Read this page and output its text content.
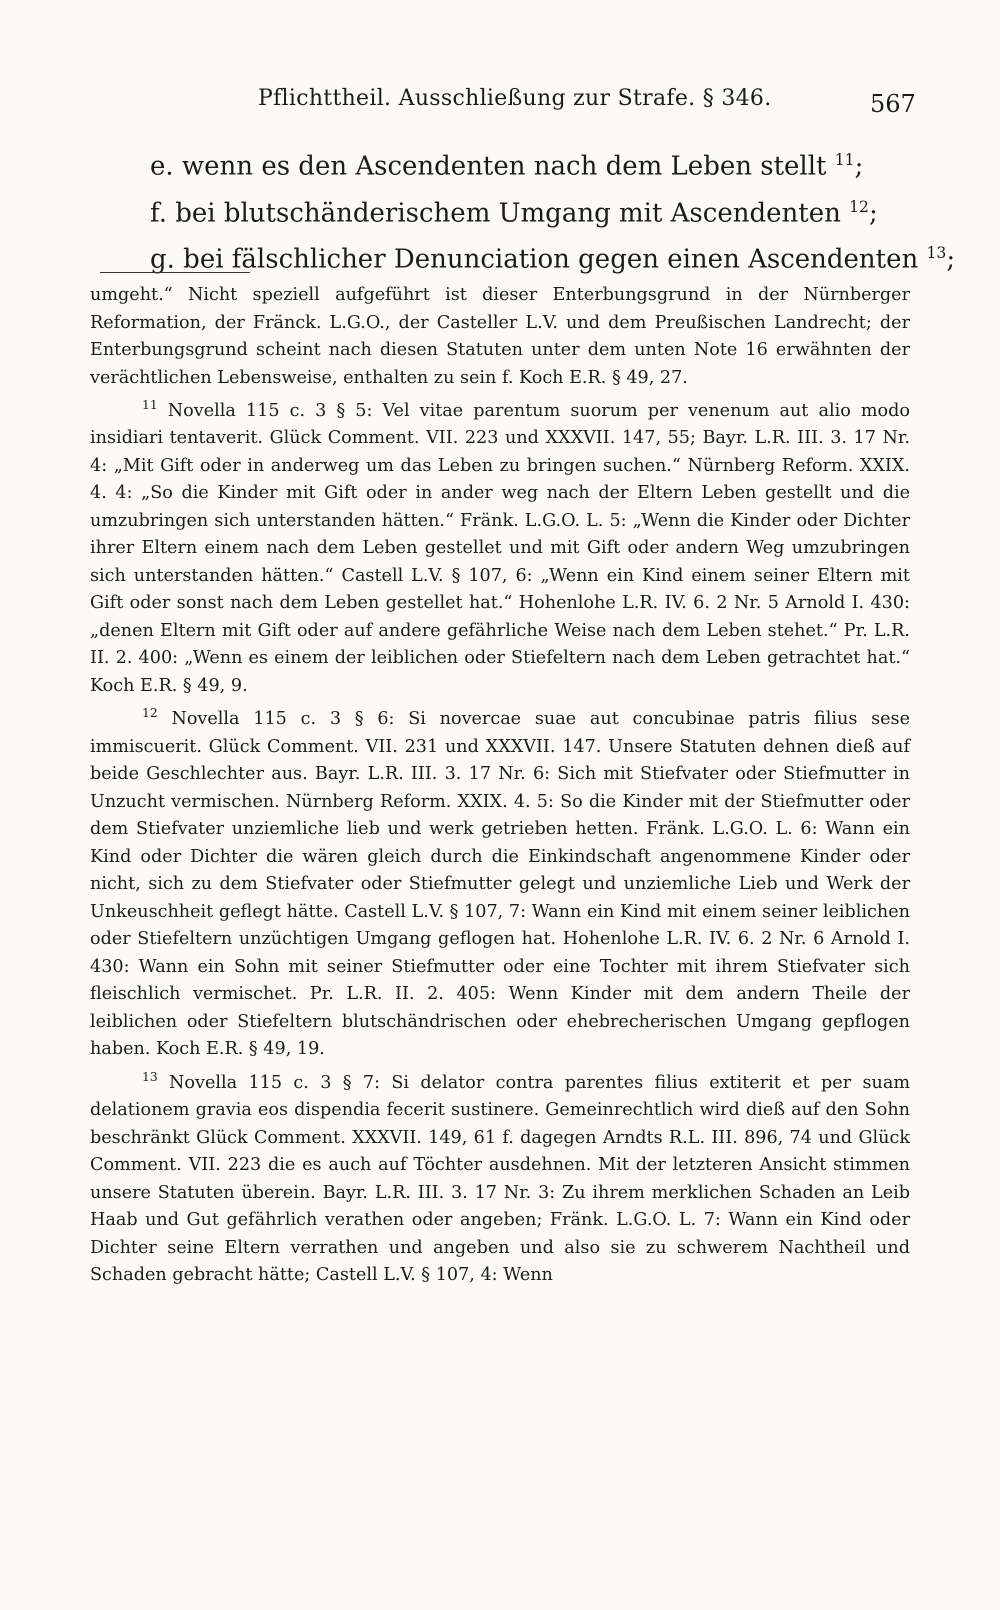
Pflichttheil. Ausschließung zur Strafe. § 346.	567
e. wenn es den Ascendenten nach dem Leben stellt $^{11}$;
f. bei blutschänderischem Umgang mit Ascendenten $^{12}$;
g. bei fälschlicher Denunciation gegen einen Ascendenten $^{13}$;

umgeht.“ Nicht speziell aufgeführt ist dieser Enterbungsgrund in der Nürnberger Reformation, der Fränck. L.G.O., der Casteller L.V. und dem Preußischen Landrecht; der Enterbungsgrund scheint nach diesen Statuten unter dem unten Note 16 erwähnten der verächtlichen Lebensweise, enthalten zu sein f. Koch E.R. § 49, 27.

$^{11}$ Novella 115 c. 3 § 5: Vel vitae parentum suorum per venenum aut alio modo insidiari tentaverit. Glück Comment. VII. 223 und XXXVII. 147, 55; Bayr. L.R. III. 3. 17 Nr. 4: „Mit Gift oder in anderweg um das Leben zu bringen suchen.“ Nürnberg Reform. XXIX. 4. 4: „So die Kinder mit Gift oder in ander weg nach der Eltern Leben gestellt und die umzubringen sich unterstanden hätten.“ Fränk. L.G.O. L. 5: „Wenn die Kinder oder Dichter ihrer Eltern einem nach dem Leben gestellet und mit Gift oder andern Weg umzubringen sich unterstanden hätten.“ Castell L.V. § 107, 6: „Wenn ein Kind einem seiner Eltern mit Gift oder sonst nach dem Leben gestellet hat.“ Hohenlohe L.R. IV. 6. 2 Nr. 5 Arnold I. 430: „denen Eltern mit Gift oder auf andere gefährliche Weise nach dem Leben stehet.“ Pr. L.R. II. 2. 400: „Wenn es einem der leiblichen oder Stiefeltern nach dem Leben getrachtet hat.“ Koch E.R. § 49, 9.

$^{12}$ Novella 115 c. 3 § 6: Si novercae suae aut concubinae patris filius sese immiscuerit. Glück Comment. VII. 231 und XXXVII. 147. Unsere Statuten dehnen dieß auf beide Geschlechter aus. Bayr. L.R. III. 3. 17 Nr. 6: Sich mit Stiefvater oder Stiefmutter in Unzucht vermischen. Nürnberg Reform. XXIX. 4. 5: So die Kinder mit der Stiefmutter oder dem Stiefvater unziemliche lieb und werk getrieben hetten. Fränk. L.G.O. L. 6: Wann ein Kind oder Dichter die wären gleich durch die Einkindschaft angenommene Kinder oder nicht, sich zu dem Stiefvater oder Stiefmutter gelegt und unziemliche Lieb und Werk der Unkeuschheit geflegt hätte. Castell L.V. § 107, 7: Wann ein Kind mit einem seiner leiblichen oder Stiefeltern unzüchtigen Umgang geflogen hat. Hohenlohe L.R. IV. 6. 2 Nr. 6 Arnold I. 430: Wann ein Sohn mit seiner Stiefmutter oder eine Tochter mit ihrem Stiefvater sich fleischlich vermischet. Pr. L.R. II. 2. 405: Wenn Kinder mit dem andern Theile der leiblichen oder Stiefeltern blutschändrischen oder ehebrecherischen Umgang gepflogen haben. Koch E.R. § 49, 19.

$^{13}$ Novella 115 c. 3 § 7: Si delator contra parentes filius extiterit et per suam delationem gravia eos dispendia fecerit sustinere. Gemeinrechtlich wird dieß auf den Sohn beschränkt Glück Comment. XXXVII. 149, 61 f. dagegen Arndts R.L. III. 896, 74 und Glück Comment. VII. 223 die es auch auf Töchter ausdehnen. Mit der letzteren Ansicht stimmen unsere Statuten überein. Bayr. L.R. III. 3. 17 Nr. 3: Zu ihrem merklichen Schaden an Leib Haab und Gut gefährlich verathen oder angeben; Fränk. L.G.O. L. 7: Wann ein Kind oder Dichter seine Eltern verrathen und angeben und also sie zu schwerem Nachtheil und Schaden gebracht hätte; Castell L.V. § 107, 4: Wenn
